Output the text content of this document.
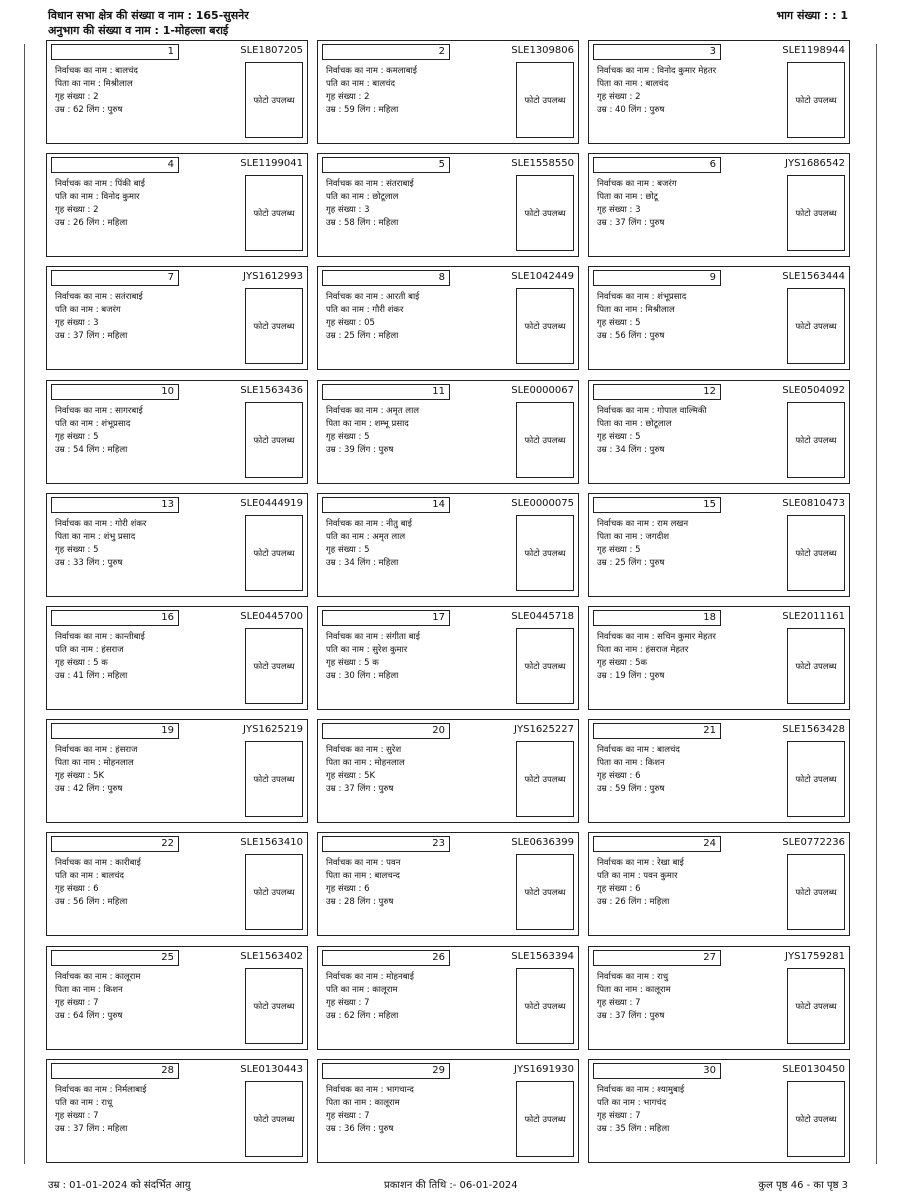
विधान सभा क्षेत्र की संख्या व नाम : 165-सुसनेर
अनुभाग की संख्या व नाम : 1-मोहल्ला बराई
भाग संख्या : : 1
1	SLE1807205
निर्वाचक का नाम : बालचंद
पिता का नाम : मिश्रीलाल
गृह संख्या : 2
उम्र : 62 लिंग : पुरुष
फोटो उपलब्ध
2	SLE1309806
निर्वाचक का नाम : कमलाबाई
पति का नाम : बालचंद
गृह संख्या : 2
उम्र : 59 लिंग : महिला
फोटो उपलब्ध
3	SLE1198944
निर्वाचक का नाम : विनोद कुमार मेहतर
पिता का नाम : बालचंद
गृह संख्या : 2
उम्र : 40 लिंग : पुरुष
फोटो उपलब्ध
4	SLE1199041
निर्वाचक का नाम : पिंकी बाई
पति का नाम : विनोद कुमार
गृह संख्या : 2
उम्र : 26 लिंग : महिला
फोटो उपलब्ध
5	SLE1558550
निर्वाचक का नाम : संतराबाई
पति का नाम : छोटूलाल
गृह संख्या : 3
उम्र : 58 लिंग : महिला
फोटो उपलब्ध
6	JYS1686542
निर्वाचक का नाम : बजरंग
पिता का नाम : छोटू
गृह संख्या : 3
उम्र : 37 लिंग : पुरुष
फोटो उपलब्ध
7	JYS1612993
निर्वाचक का नाम : सतंराबाई
पति का नाम : बजरंग
गृह संख्या : 3
उम्र : 37 लिंग : महिला
फोटो उपलब्ध
8	SLE1042449
निर्वाचक का नाम : आरती बाई
पति का नाम : गौरी शंकर
गृह संख्या : 05
उम्र : 25 लिंग : महिला
फोटो उपलब्ध
9	SLE1563444
निर्वाचक का नाम : शंभूप्रसाद
पिता का नाम : मिश्रीलाल
गृह संख्या : 5
उम्र : 56 लिंग : पुरुष
फोटो उपलब्ध
10	SLE1563436
निर्वाचक का नाम : सागरबाई
पति का नाम : शंभूप्रसाद
गृह संख्या : 5
उम्र : 54 लिंग : महिला
फोटो उपलब्ध
11	SLE0000067
निर्वाचक का नाम : अमृत लाल
पिता का नाम : शम्भू प्रसाद
गृह संख्या : 5
उम्र : 39 लिंग : पुरुष
फोटो उपलब्ध
12	SLE0504092
निर्वाचक का नाम : गोपाल वाल्मिकी
पिता का नाम : छोटूलाल
गृह संख्या : 5
उम्र : 34 लिंग : पुरुष
फोटो उपलब्ध
13	SLE0444919
निर्वाचक का नाम : गोरी शंकर
पिता का नाम : शंभु प्रसाद
गृह संख्या : 5
उम्र : 33 लिंग : पुरुष
फोटो उपलब्ध
14	SLE0000075
निर्वाचक का नाम : नीतु बाई
पति का नाम : अमृत लाल
गृह संख्या : 5
उम्र : 34 लिंग : महिला
फोटो उपलब्ध
15	SLE0810473
निर्वाचक का नाम : राम लखन
पिता का नाम : जगदीश
गृह संख्या : 5
उम्र : 25 लिंग : पुरुष
फोटो उपलब्ध
16	SLE0445700
निर्वाचक का नाम : कान्तीबाई
पति का नाम : हंसराज
गृह संख्या : 5 क
उम्र : 41 लिंग : महिला
फोटो उपलब्ध
17	SLE0445718
निर्वाचक का नाम : संगीता बाई
पति का नाम : सुरेश कुमार
गृह संख्या : 5 क
उम्र : 30 लिंग : महिला
फोटो उपलब्ध
18	SLE2011161
निर्वाचक का नाम : सचिन कुमार मेहतर
पिता का नाम : हंसराज मेहतर
गृह संख्या : 5क
उम्र : 19 लिंग : पुरुष
फोटो उपलब्ध
19	JYS1625219
निर्वाचक का नाम : हंसराज
पिता का नाम : मोहनलाल
गृह संख्या : 5K
उम्र : 42 लिंग : पुरुष
फोटो उपलब्ध
20	JYS1625227
निर्वाचक का नाम : सुरेश
पिता का नाम : मोहनलाल
गृह संख्या : 5K
उम्र : 37 लिंग : पुरुष
फोटो उपलब्ध
21	SLE1563428
निर्वाचक का नाम : बालचंद
पिता का नाम : किशन
गृह संख्या : 6
उम्र : 59 लिंग : पुरुष
फोटो उपलब्ध
22	SLE1563410
निर्वाचक का नाम : कारीबाई
पति का नाम : बालचंद
गृह संख्या : 6
उम्र : 56 लिंग : महिला
फोटो उपलब्ध
23	SLE0636399
निर्वाचक का नाम : पवन
पिता का नाम : बालचन्द
गृह संख्या : 6
उम्र : 28 लिंग : पुरुष
फोटो उपलब्ध
24	SLE0772236
निर्वाचक का नाम : रेखा बाई
पति का नाम : पवन कुमार
गृह संख्या : 6
उम्र : 26 लिंग : महिला
फोटो उपलब्ध
25	SLE1563402
निर्वाचक का नाम : कालूराम
पिता का नाम : किशन
गृह संख्या : 7
उम्र : 64 लिंग : पुरुष
फोटो उपलब्ध
26	SLE1563394
निर्वाचक का नाम : मोहनबाई
पति का नाम : कालूराम
गृह संख्या : 7
उम्र : 62 लिंग : महिला
फोटो उपलब्ध
27	JYS1759281
निर्वाचक का नाम : राधु
पिता का नाम : कालूराम
गृह संख्या : 7
उम्र : 37 लिंग : पुरुष
फोटो उपलब्ध
28	SLE0130443
निर्वाचक का नाम : निर्मलाबाई
पति का नाम : राधू
गृह संख्या : 7
उम्र : 37 लिंग : महिला
फोटो उपलब्ध
29	JYS1691930
निर्वाचक का नाम : भागचान्द
पिता का नाम : कालूराम
गृह संख्या : 7
उम्र : 36 लिंग : पुरुष
फोटो उपलब्ध
30	SLE0130450
निर्वाचक का नाम : श्यामुबाई
पति का नाम : भागचंद
गृह संख्या : 7
उम्र : 35 लिंग : महिला
फोटो उपलब्ध
उम्र : 01-01-2024 को संदर्भित आयु	प्रकाशन की तिथि :- 06-01-2024	कुल पृष्ठ 46 - का पृष्ठ 3
